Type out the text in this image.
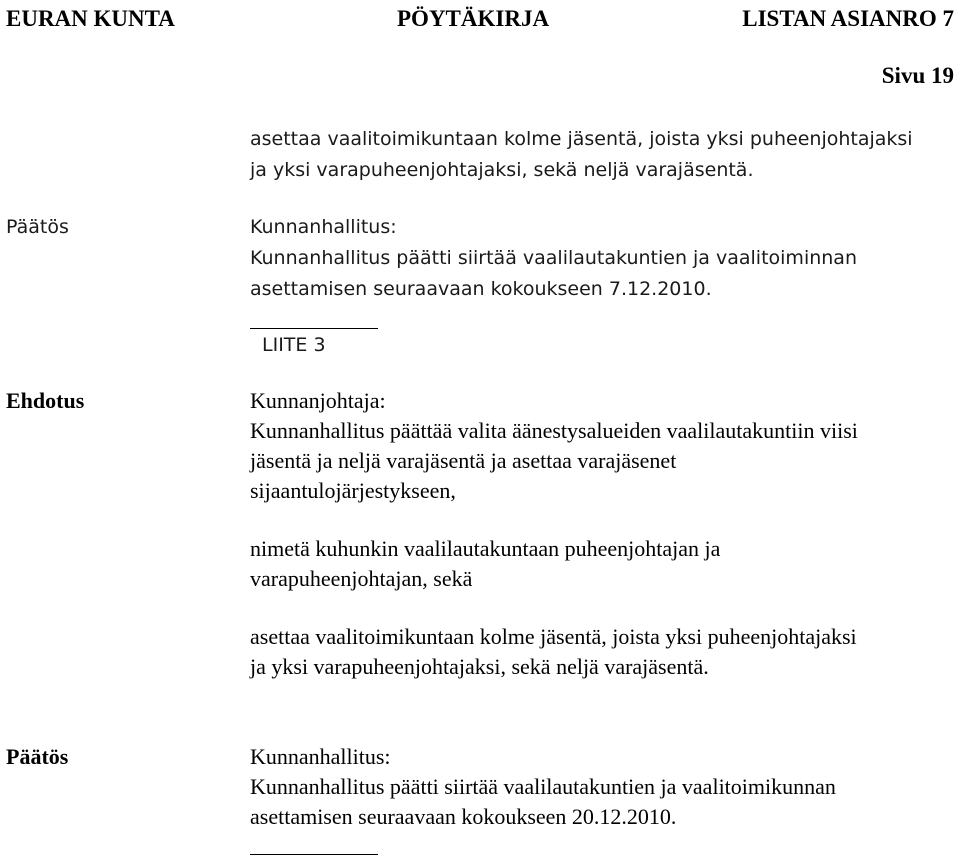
EURAN KUNTA	PÖYTÄKIRJA	LISTAN ASIANRO 7
Sivu 19
asettaa vaalitoimikuntaan kolme jäsentä, joista yksi puheenjohtajaksi
ja yksi varapuheenjohtajaksi, sekä neljä varajäsentä.
Päätös	Kunnanhallitus:
Kunnanhallitus päätti siirtää vaalilautakuntien ja vaalitoiminnan
asettamisen seuraavaan kokoukseen 7.12.2010.
LIITE 3
Ehdotus	Kunnanjohtaja:
Kunnanhallitus päättää valita äänestysalueiden vaalilautakuntiin viisi
jäsentä ja neljä varajäsentä ja asettaa varajäsenet
sijaantulojärjestykseen,
nimetä kuhunkin vaalilautakuntaan puheenjohtajan ja
varapuheenjohtajan, sekä
asettaa vaalitoimikuntaan kolme jäsentä, joista yksi puheenjohtajaksi
ja yksi varapuheenjohtajaksi, sekä neljä varajäsentä.
Päätös	Kunnanhallitus:
Kunnanhallitus päätti siirtää vaalilautakuntien ja vaalitoimikunnan
asettamisen seuraavaan kokoukseen 20.12.2010.
